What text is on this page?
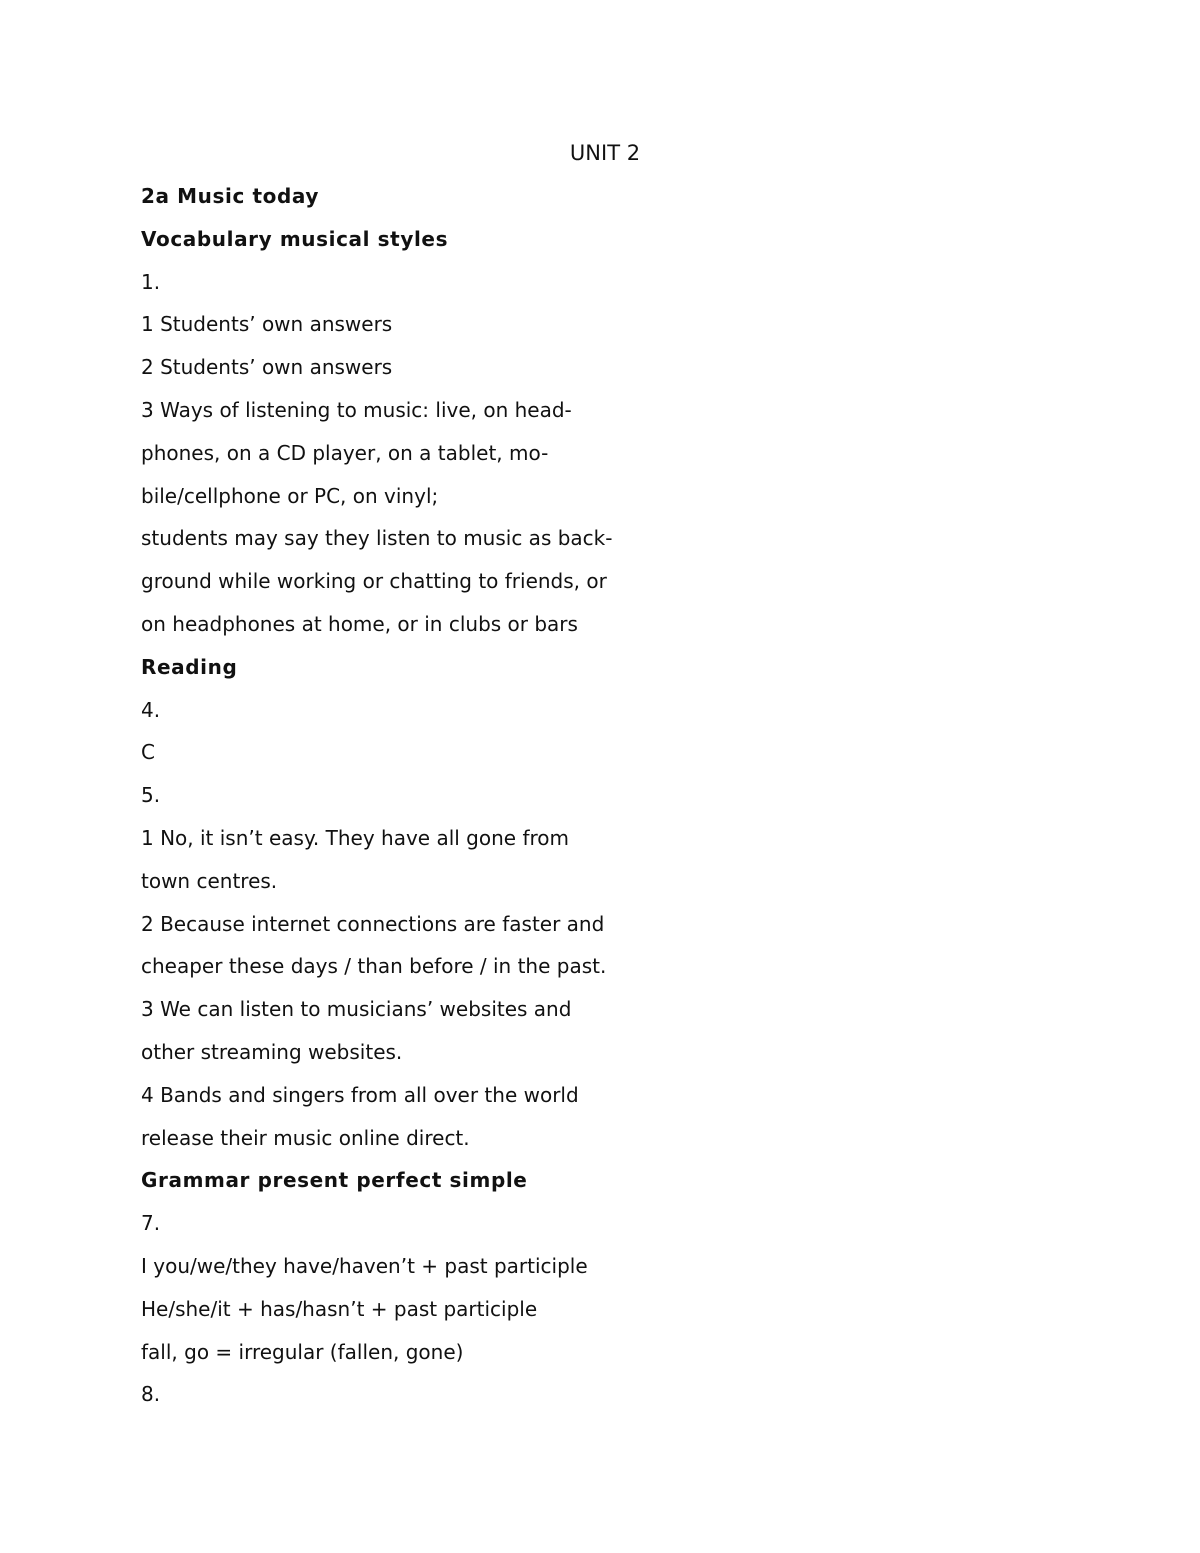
UNIT 2
2a Music today
Vocabulary musical styles
1.
1 Students’ own answers
2 Students’ own answers
3 Ways of listening to music: live, on head-
phones, on a CD player, on a tablet, mo-
bile/cellphone or PC, on vinyl;
students may say they listen to music as back-
ground while working or chatting to friends, or
on headphones at home, or in clubs or bars
Reading
4.
C
5.
1 No, it isn’t easy. They have all gone from
town centres.
2 Because internet connections are faster and
cheaper these days / than before / in the past.
3 We can listen to musicians’ websites and
other streaming websites.
4 Bands and singers from all over the world
release their music online direct.
Grammar present perfect simple
7.
I you/we/they have/haven’t + past participle
He/she/it + has/hasn’t + past participle
fall, go = irregular (fallen, gone)
8.
